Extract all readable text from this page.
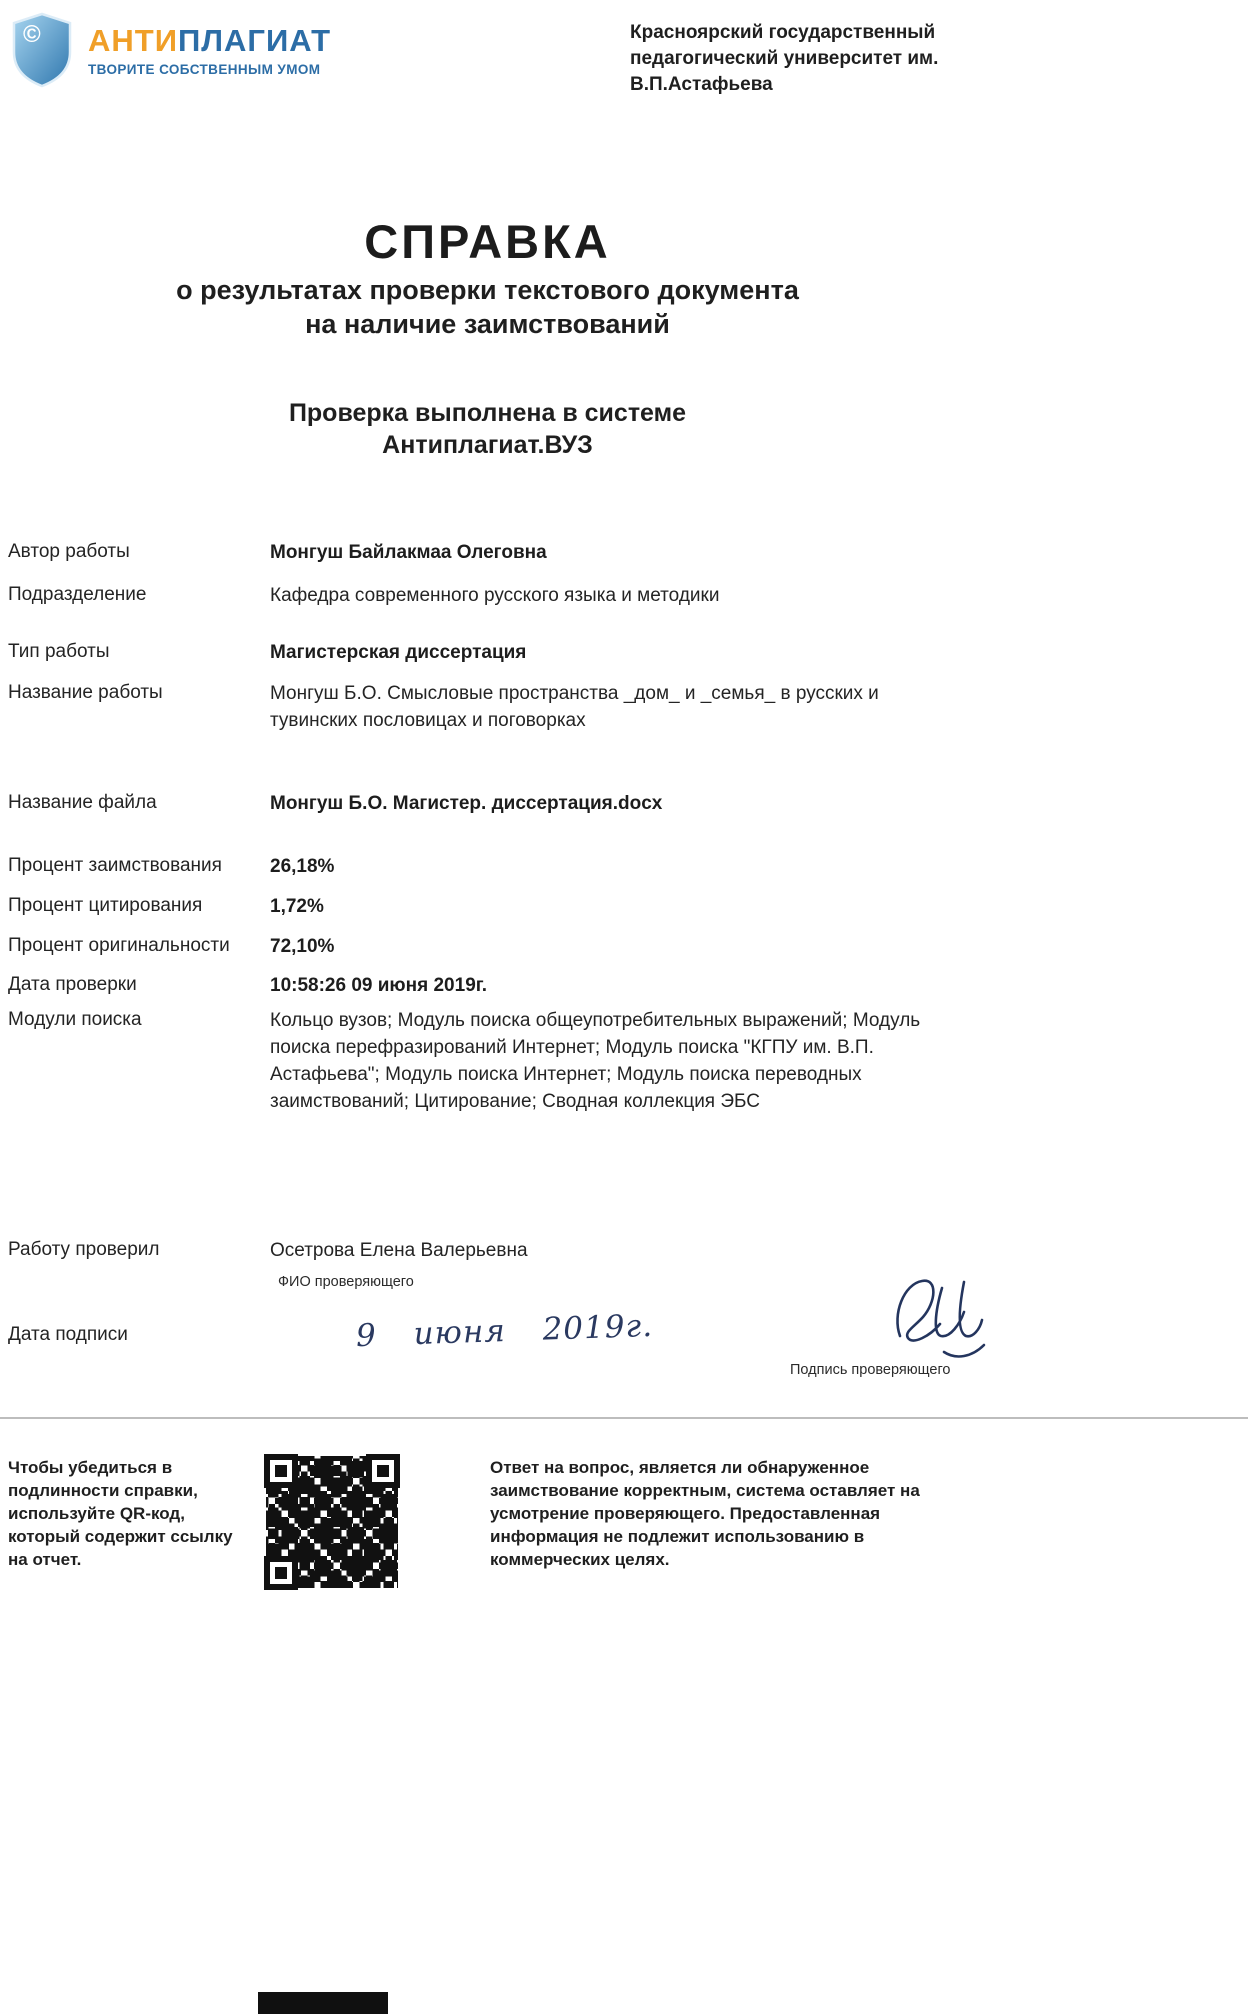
© АНТИПЛАГИАТ
ТВОРИТЕ СОБСТВЕННЫМ УМОМ
Красноярский государственный педагогический университет им. В.П.Астафьева
СПРАВКА
о результатах проверки текстового документа
на наличие заимствований
Проверка выполнена в системе
Антиплагиат.ВУЗ
Автор работы	Монгуш Байлакмаа Олеговна
Подразделение	Кафедра современного русского языка и методики
Тип работы	Магистерская диссертация
Название работы	Монгуш Б.О. Смысловые пространства _дом_ и _семья_ в русских и тувинских пословицах и поговорках
Название файла	Монгуш Б.О. Магистер. диссертация.docx
Процент заимствования	26,18%
Процент цитирования	1,72%
Процент оригинальности	72,10%
Дата проверки	10:58:26 09 июня 2019г.
Модули поиска	Кольцо вузов; Модуль поиска общеупотребительных выражений; Модуль поиска перефразирований Интернет; Модуль поиска "КГПУ им. В.П. Астафьева"; Модуль поиска Интернет; Модуль поиска переводных заимствований; Цитирование; Сводная коллекция ЭБС
Работу проверил	Осетрова Елена Валерьевна
ФИО проверяющего
Дата подписи	9 июня 2019г.
Подпись проверяющего
Чтобы убедиться в подлинности справки, используйте QR-код, который содержит ссылку на отчет.
Ответ на вопрос, является ли обнаруженное заимствование корректным, система оставляет на усмотрение проверяющего. Предоставленная информация не подлежит использованию в коммерческих целях.
